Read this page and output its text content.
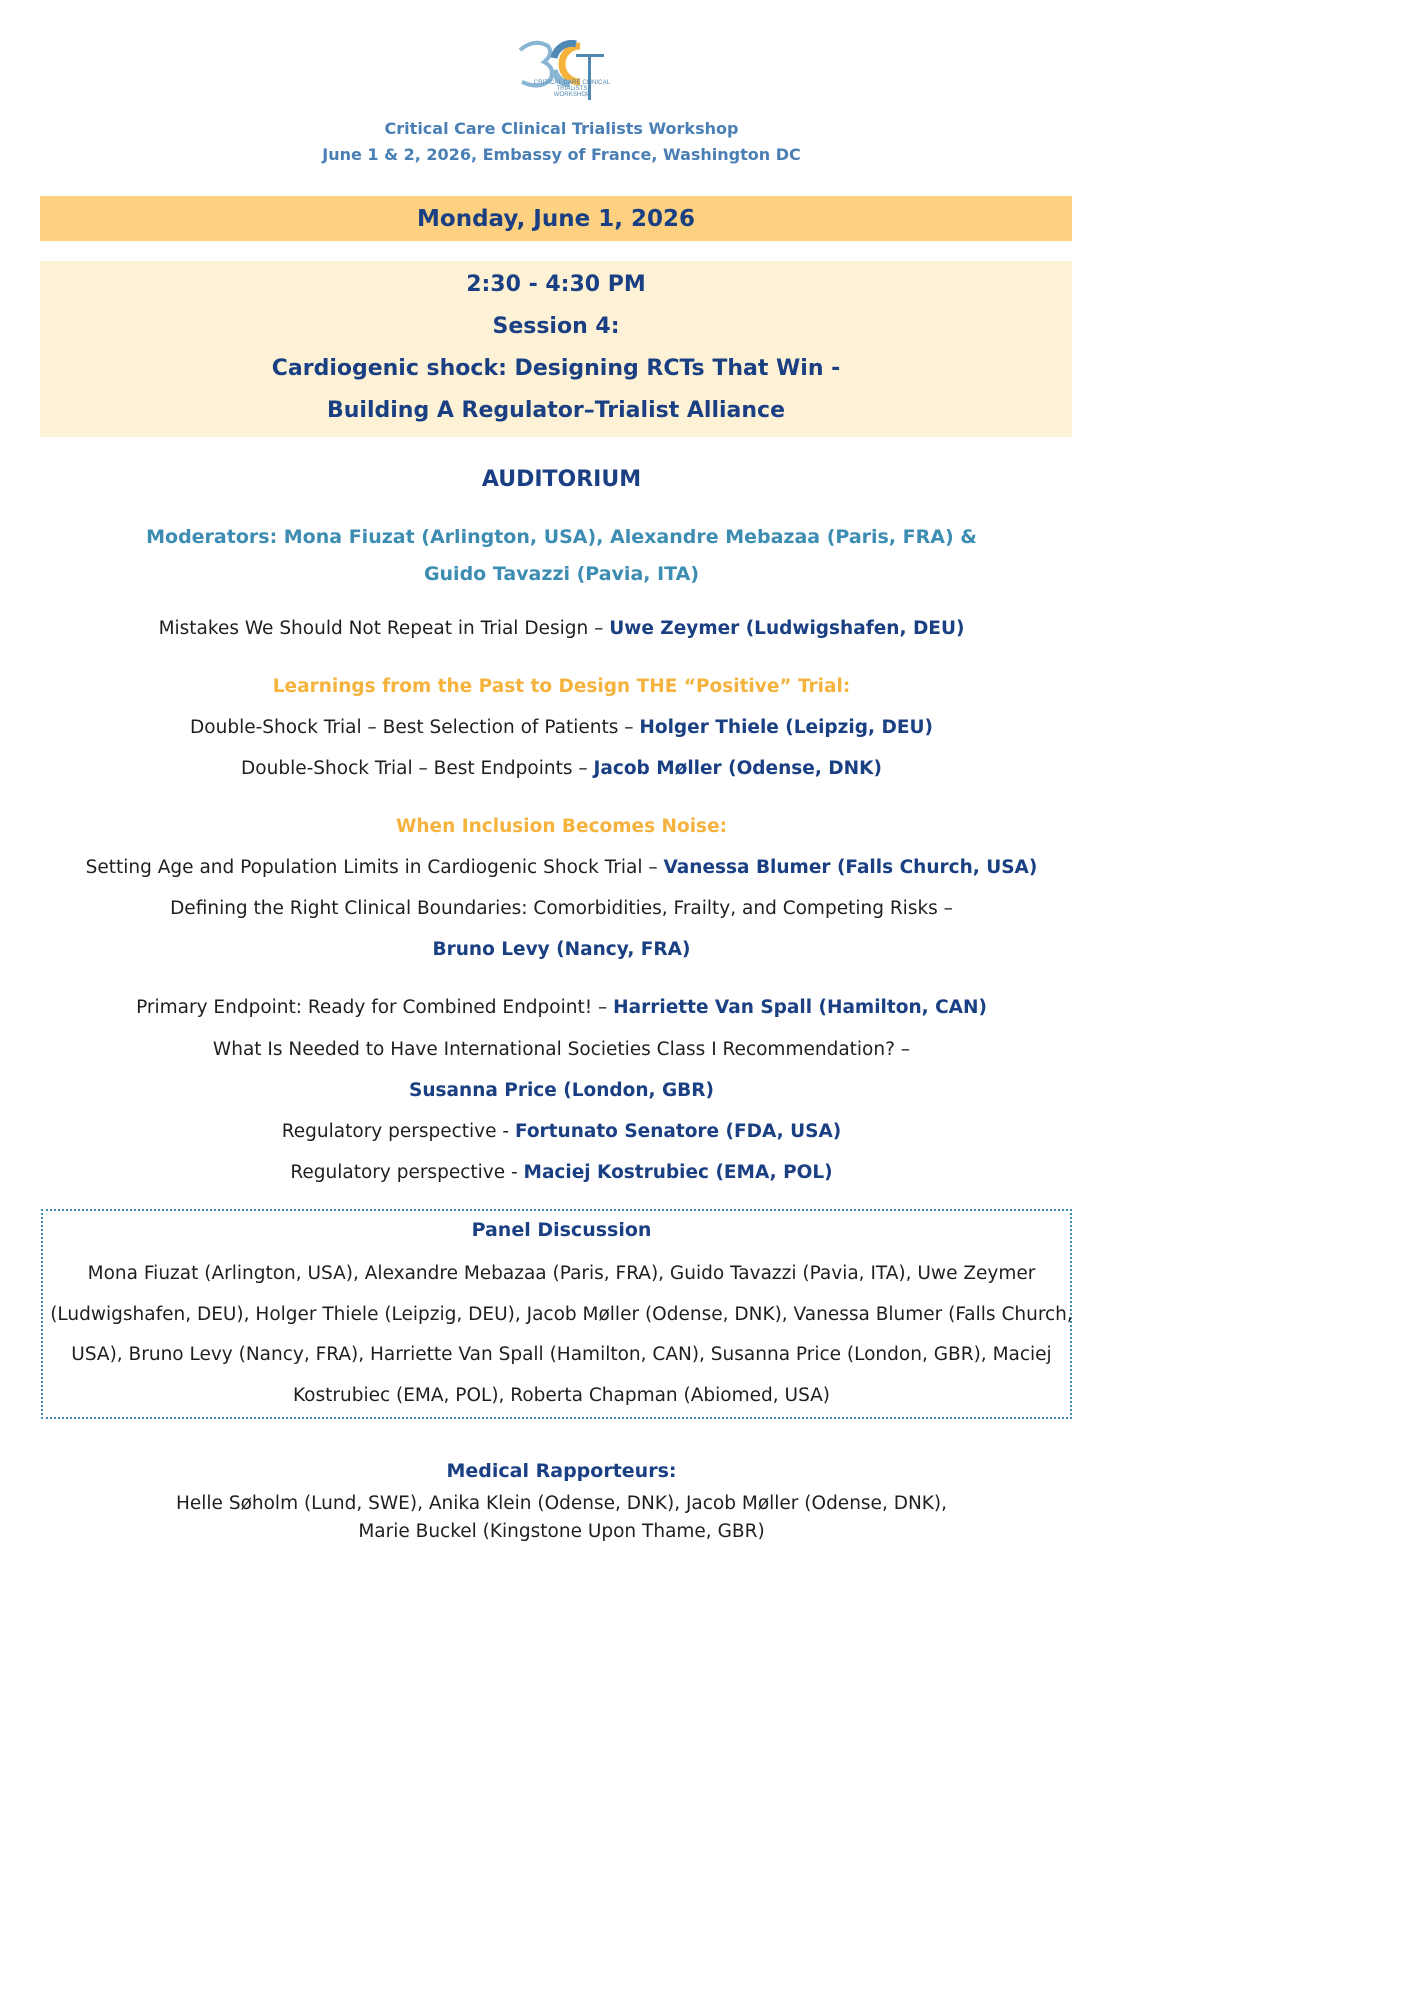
CRITICAL CARE CLINICAL
TRIALISTS
WORKSHOP
Critical Care Clinical Trialists Workshop
June 1 & 2, 2026, Embassy of France, Washington DC
Monday, June 1, 2026
2:30 - 4:30 PM
Session 4:
Cardiogenic shock: Designing RCTs That Win -
Building A Regulator–Trialist Alliance
AUDITORIUM
Moderators: Mona Fiuzat (Arlington, USA), Alexandre Mebazaa (Paris, FRA) &
Guido Tavazzi (Pavia, ITA)
Mistakes We Should Not Repeat in Trial Design – Uwe Zeymer (Ludwigshafen, DEU)
Learnings from the Past to Design THE “Positive” Trial:
Double-Shock Trial – Best Selection of Patients – Holger Thiele (Leipzig, DEU)
Double-Shock Trial – Best Endpoints – Jacob Møller (Odense, DNK)
When Inclusion Becomes Noise:
Setting Age and Population Limits in Cardiogenic Shock Trial – Vanessa Blumer (Falls Church, USA)
Defining the Right Clinical Boundaries: Comorbidities, Frailty, and Competing Risks –
Bruno Levy (Nancy, FRA)
Primary Endpoint: Ready for Combined Endpoint! – Harriette Van Spall (Hamilton, CAN)
What Is Needed to Have International Societies Class I Recommendation? –
Susanna Price (London, GBR)
Regulatory perspective - Fortunato Senatore (FDA, USA)
Regulatory perspective - Maciej Kostrubiec (EMA, POL)
Panel Discussion
Mona Fiuzat (Arlington, USA), Alexandre Mebazaa (Paris, FRA), Guido Tavazzi (Pavia, ITA), Uwe Zeymer (Ludwigshafen, DEU), Holger Thiele (Leipzig, DEU), Jacob Møller (Odense, DNK), Vanessa Blumer (Falls Church, USA), Bruno Levy (Nancy, FRA), Harriette Van Spall (Hamilton, CAN), Susanna Price (London, GBR), Maciej Kostrubiec (EMA, POL), Roberta Chapman (Abiomed, USA)
Medical Rapporteurs:
Helle Søholm (Lund, SWE), Anika Klein (Odense, DNK), Jacob Møller (Odense, DNK),
Marie Buckel (Kingstone Upon Thame, GBR)
